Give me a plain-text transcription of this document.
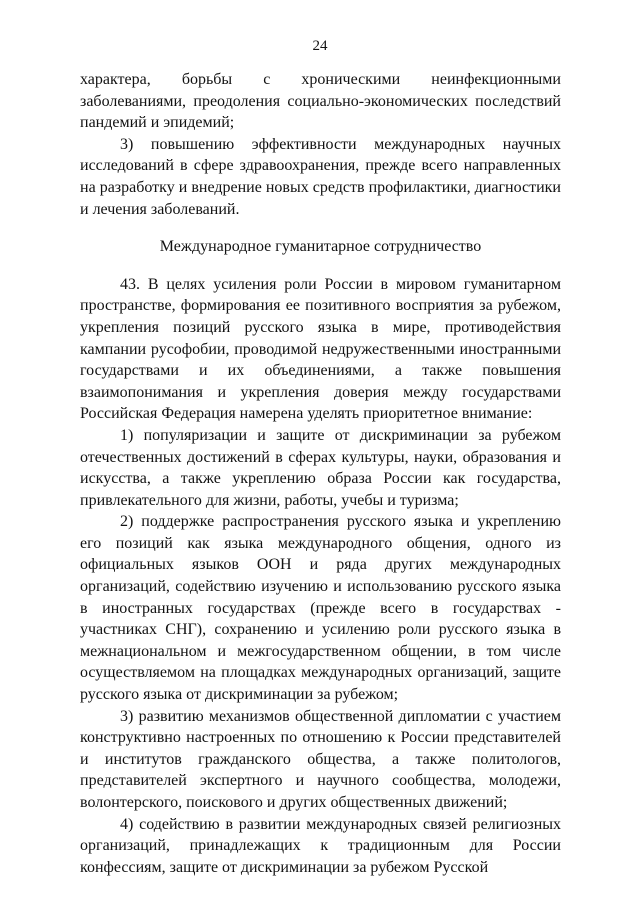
24

характера, борьбы с хроническими неинфекционными заболеваниями, преодоления социально-экономических последствий пандемий и эпидемий;

3) повышению эффективности международных научных исследований в сфере здравоохранения, прежде всего направленных на разработку и внедрение новых средств профилактики, диагностики и лечения заболеваний.

Международное гуманитарное сотрудничество

43. В целях усиления роли России в мировом гуманитарном пространстве, формирования ее позитивного восприятия за рубежом, укрепления позиций русского языка в мире, противодействия кампании русофобии, проводимой недружественными иностранными государствами и их объединениями, а также повышения взаимопонимания и укрепления доверия между государствами Российская Федерация намерена уделять приоритетное внимание:

1) популяризации и защите от дискриминации за рубежом отечественных достижений в сферах культуры, науки, образования и искусства, а также укреплению образа России как государства, привлекательного для жизни, работы, учебы и туризма;

2) поддержке распространения русского языка и укреплению его позиций как языка международного общения, одного из официальных языков ООН и ряда других международных организаций, содействию изучению и использованию русского языка в иностранных государствах (прежде всего в государствах - участниках СНГ), сохранению и усилению роли русского языка в межнациональном и межгосударственном общении, в том числе осуществляемом на площадках международных организаций, защите русского языка от дискриминации за рубежом;

3) развитию механизмов общественной дипломатии с участием конструктивно настроенных по отношению к России представителей и институтов гражданского общества, а также политологов, представителей экспертного и научного сообщества, молодежи, волонтерского, поискового и других общественных движений;

4) содействию в развитии международных связей религиозных организаций, принадлежащих к традиционным для России конфессиям, защите от дискриминации за рубежом Русской
